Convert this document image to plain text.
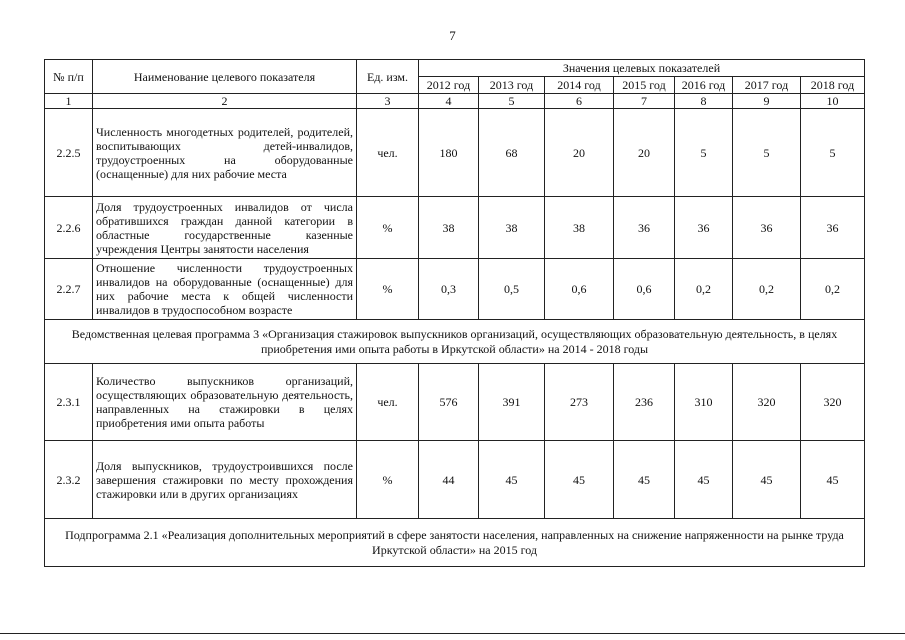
7
№ п/п	Наименование целевого показателя	Ед. изм.	Значения целевых показателей						
			2012 год	2013 год	2014 год	2015 год	2016 год	2017 год	2018 год
1	2	3	4	5	6	7	8	9	10
2.2.5	Численность многодетных родителей, родителей, воспитывающих детей-инвалидов, трудоустроенных на оборудованные (оснащенные) для них рабочие места	чел.	180	68	20	20	5	5	5
2.2.6	Доля трудоустроенных инвалидов от числа обратившихся граждан данной категории в областные государственные казенные учреждения Центры занятости населения	%	38	38	38	36	36	36	36
2.2.7	Отношение численности трудоустроенных инвалидов на оборудованные (оснащенные) для них рабочие места к общей численности инвалидов в трудоспособном возрасте	%	0,3	0,5	0,6	0,6	0,2	0,2	0,2
Ведомственная целевая программа 3 «Организация стажировок выпускников организаций, осуществляющих образовательную деятельность, в целях приобретения ими опыта работы в Иркутской области» на 2014 - 2018 годы									
2.3.1	Количество выпускников организаций, осуществляющих образовательную деятельность, направленных на стажировки в целях приобретения ими опыта работы	чел.	576	391	273	236	310	320	320
2.3.2	Доля выпускников, трудоустроившихся после завершения стажировки по месту прохождения стажировки или в других организациях	%	44	45	45	45	45	45	45
Подпрограмма 2.1 «Реализация дополнительных мероприятий в сфере занятости населения, направленных на снижение напряженности на рынке труда Иркутской области» на 2015 год									
